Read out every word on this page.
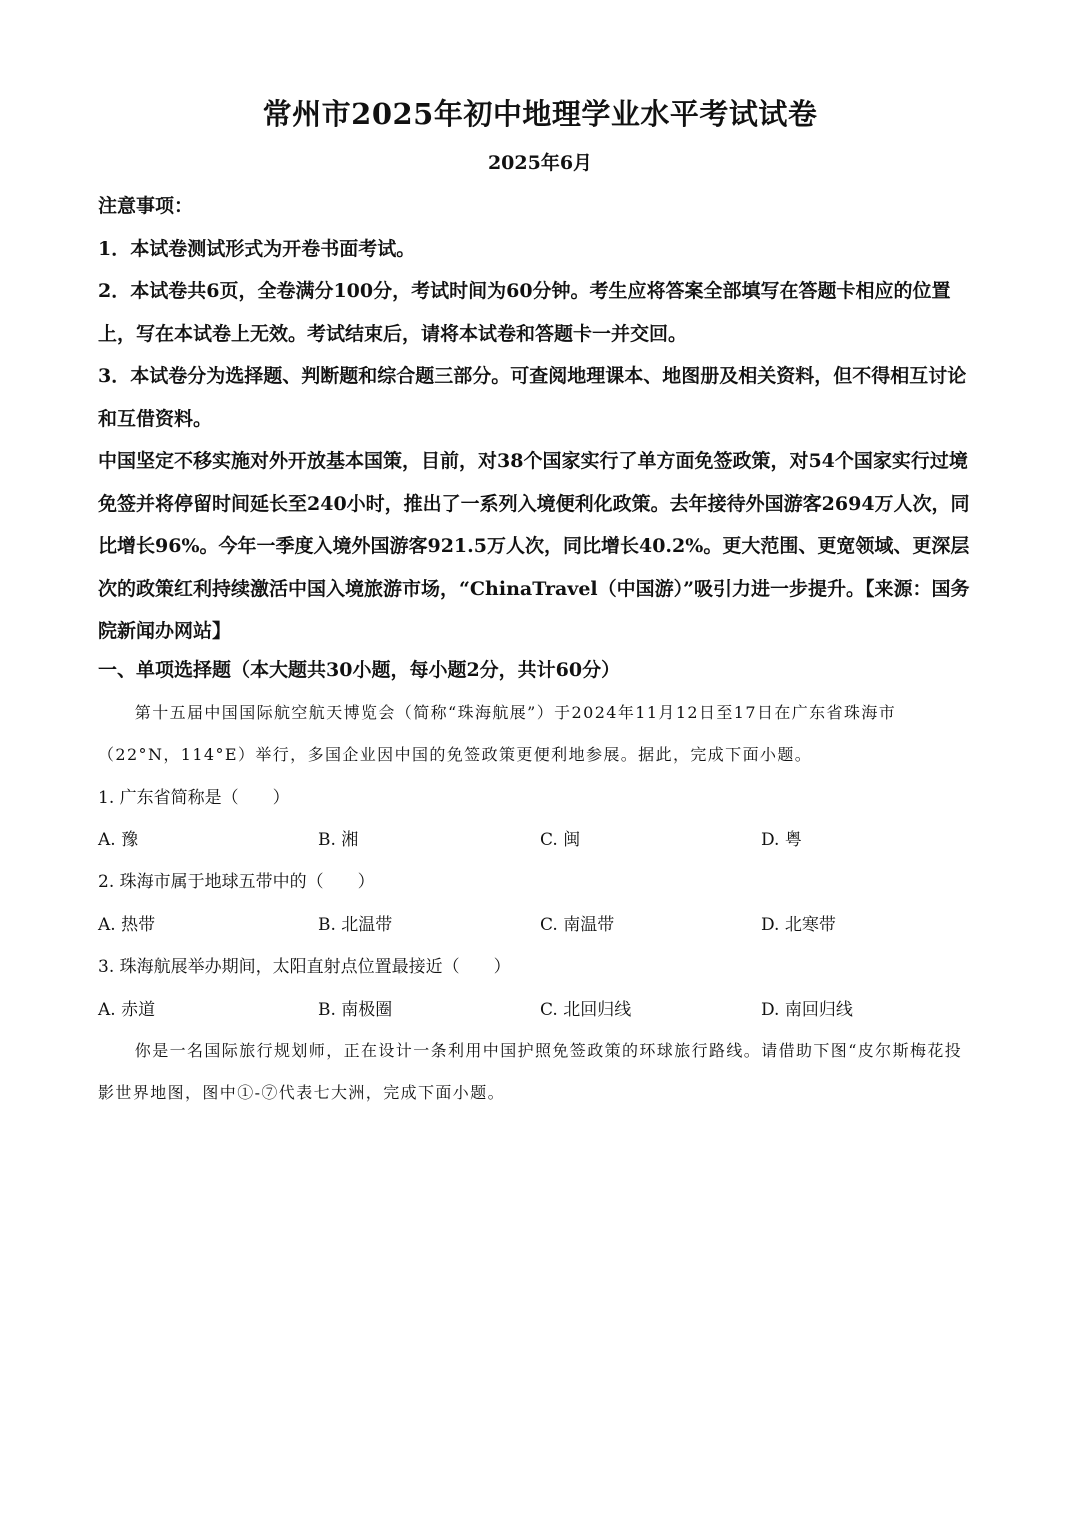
常州市2025年初中地理学业水平考试试卷
2025年6月

注意事项：

1．本试卷测试形式为开卷书面考试。

2．本试卷共6页，全卷满分100分，考试时间为60分钟。考生应将答案全部填写在答题卡相应的位置上，写在本试卷上无效。考试结束后，请将本试卷和答题卡一并交回。

3．本试卷分为选择题、判断题和综合题三部分。可查阅地理课本、地图册及相关资料，但不得相互讨论和互借资料。

中国坚定不移实施对外开放基本国策，目前，对38个国家实行了单方面免签政策，对54个国家实行过境免签并将停留时间延长至240小时，推出了一系列入境便利化政策。去年接待外国游客2694万人次，同比增长96%。今年一季度入境外国游客921.5万人次，同比增长40.2%。更大范围、更宽领域、更深层次的政策红利持续激活中国入境旅游市场，“ChinaTravel（中国游）”吸引力进一步提升。【来源：国务院新闻办网站】

一、单项选择题（本大题共30小题，每小题2分，共计60分）

第十五届中国国际航空航天博览会（简称“珠海航展”）于2024年11月12日至17日在广东省珠海市（22°N，114°E）举行，多国企业因中国的免签政策更便利地参展。据此，完成下面小题。

1. 广东省简称是（　　）

A. 豫	B. 湘	C. 闽	D. 粤

2. 珠海市属于地球五带中的（　　）

A. 热带	B. 北温带	C. 南温带	D. 北寒带

3. 珠海航展举办期间，太阳直射点位置最接近（　　）

A. 赤道	B. 南极圈	C. 北回归线	D. 南回归线

你是一名国际旅行规划师，正在设计一条利用中国护照免签政策的环球旅行路线。请借助下图“皮尔斯梅花投影世界地图，图中①-⑦代表七大洲，完成下面小题。
